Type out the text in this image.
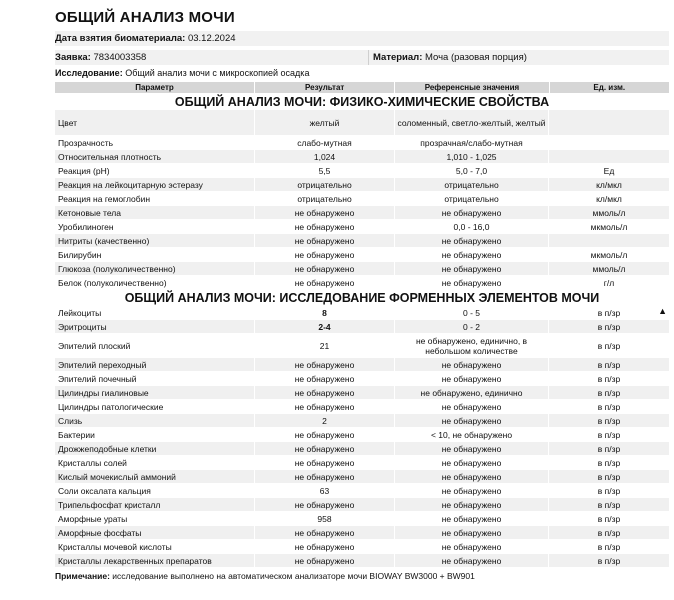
ОБЩИЙ АНАЛИЗ МОЧИ
Дата взятия биоматериала: 03.12.2024
Заявка: 7834003358	Материал: Моча (разовая порция)
Исследование: Общий анализ мочи с микроскопией осадка
Параметр	Результат	Референсные значения	Ед. изм.
ОБЩИЙ АНАЛИЗ МОЧИ: ФИЗИКО-ХИМИЧЕСКИЕ СВОЙСТВА
Цвет	желтый	соломенный, светло-желтый, желтый
Прозрачность	слабо-мутная	прозрачная/слабо-мутная
Относительная плотность	1,024	1,010 - 1,025
Реакция (pH)	5,5	5,0 - 7,0	Ед
Реакция на лейкоцитарную эстеразу	отрицательно	отрицательно	кл/мкл
Реакция на гемоглобин	отрицательно	отрицательно	кл/мкл
Кетоновые тела	не обнаружено	не обнаружено	ммоль/л
Уробилиноген	не обнаружено	0,0 - 16,0	мкмоль/л
Нитриты (качественно)	не обнаружено	не обнаружено
Билирубин	не обнаружено	не обнаружено	мкмоль/л
Глюкоза (полуколичественно)	не обнаружено	не обнаружено	ммоль/л
Белок (полуколичественно)	не обнаружено	не обнаружено	г/л
ОБЩИЙ АНАЛИЗ МОЧИ: ИССЛЕДОВАНИЕ ФОРМЕННЫХ ЭЛЕМЕНТОВ МОЧИ
Лейкоциты	8	0 - 5	в п/зр	▲
Эритроциты	2-4	0 - 2	в п/зр
Эпителий плоский	21	не обнаружено, единично, в небольшом количестве	в п/зр
Эпителий переходный	не обнаружено	не обнаружено	в п/зр
Эпителий почечный	не обнаружено	не обнаружено	в п/зр
Цилиндры гиалиновые	не обнаружено	не обнаружено, единично	в п/зр
Цилиндры патологические	не обнаружено	не обнаружено	в п/зр
Слизь	2	не обнаружено	в п/зр
Бактерии	не обнаружено	< 10, не обнаружено	в п/зр
Дрожжеподобные клетки	не обнаружено	не обнаружено	в п/зр
Кристаллы солей	не обнаружено	не обнаружено	в п/зр
Кислый мочекислый аммоний	не обнаружено	не обнаружено	в п/зр
Соли оксалата кальция	63	не обнаружено	в п/зр
Трипельфосфат кристалл	не обнаружено	не обнаружено	в п/зр
Аморфные ураты	958	не обнаружено	в п/зр
Аморфные фосфаты	не обнаружено	не обнаружено	в п/зр
Кристаллы мочевой кислоты	не обнаружено	не обнаружено	в п/зр
Кристаллы лекарственных препаратов	не обнаружено	не обнаружено	в п/зр
Примечание: исследование выполнено на автоматическом анализаторе мочи BIOWAY BW3000 + BW901
